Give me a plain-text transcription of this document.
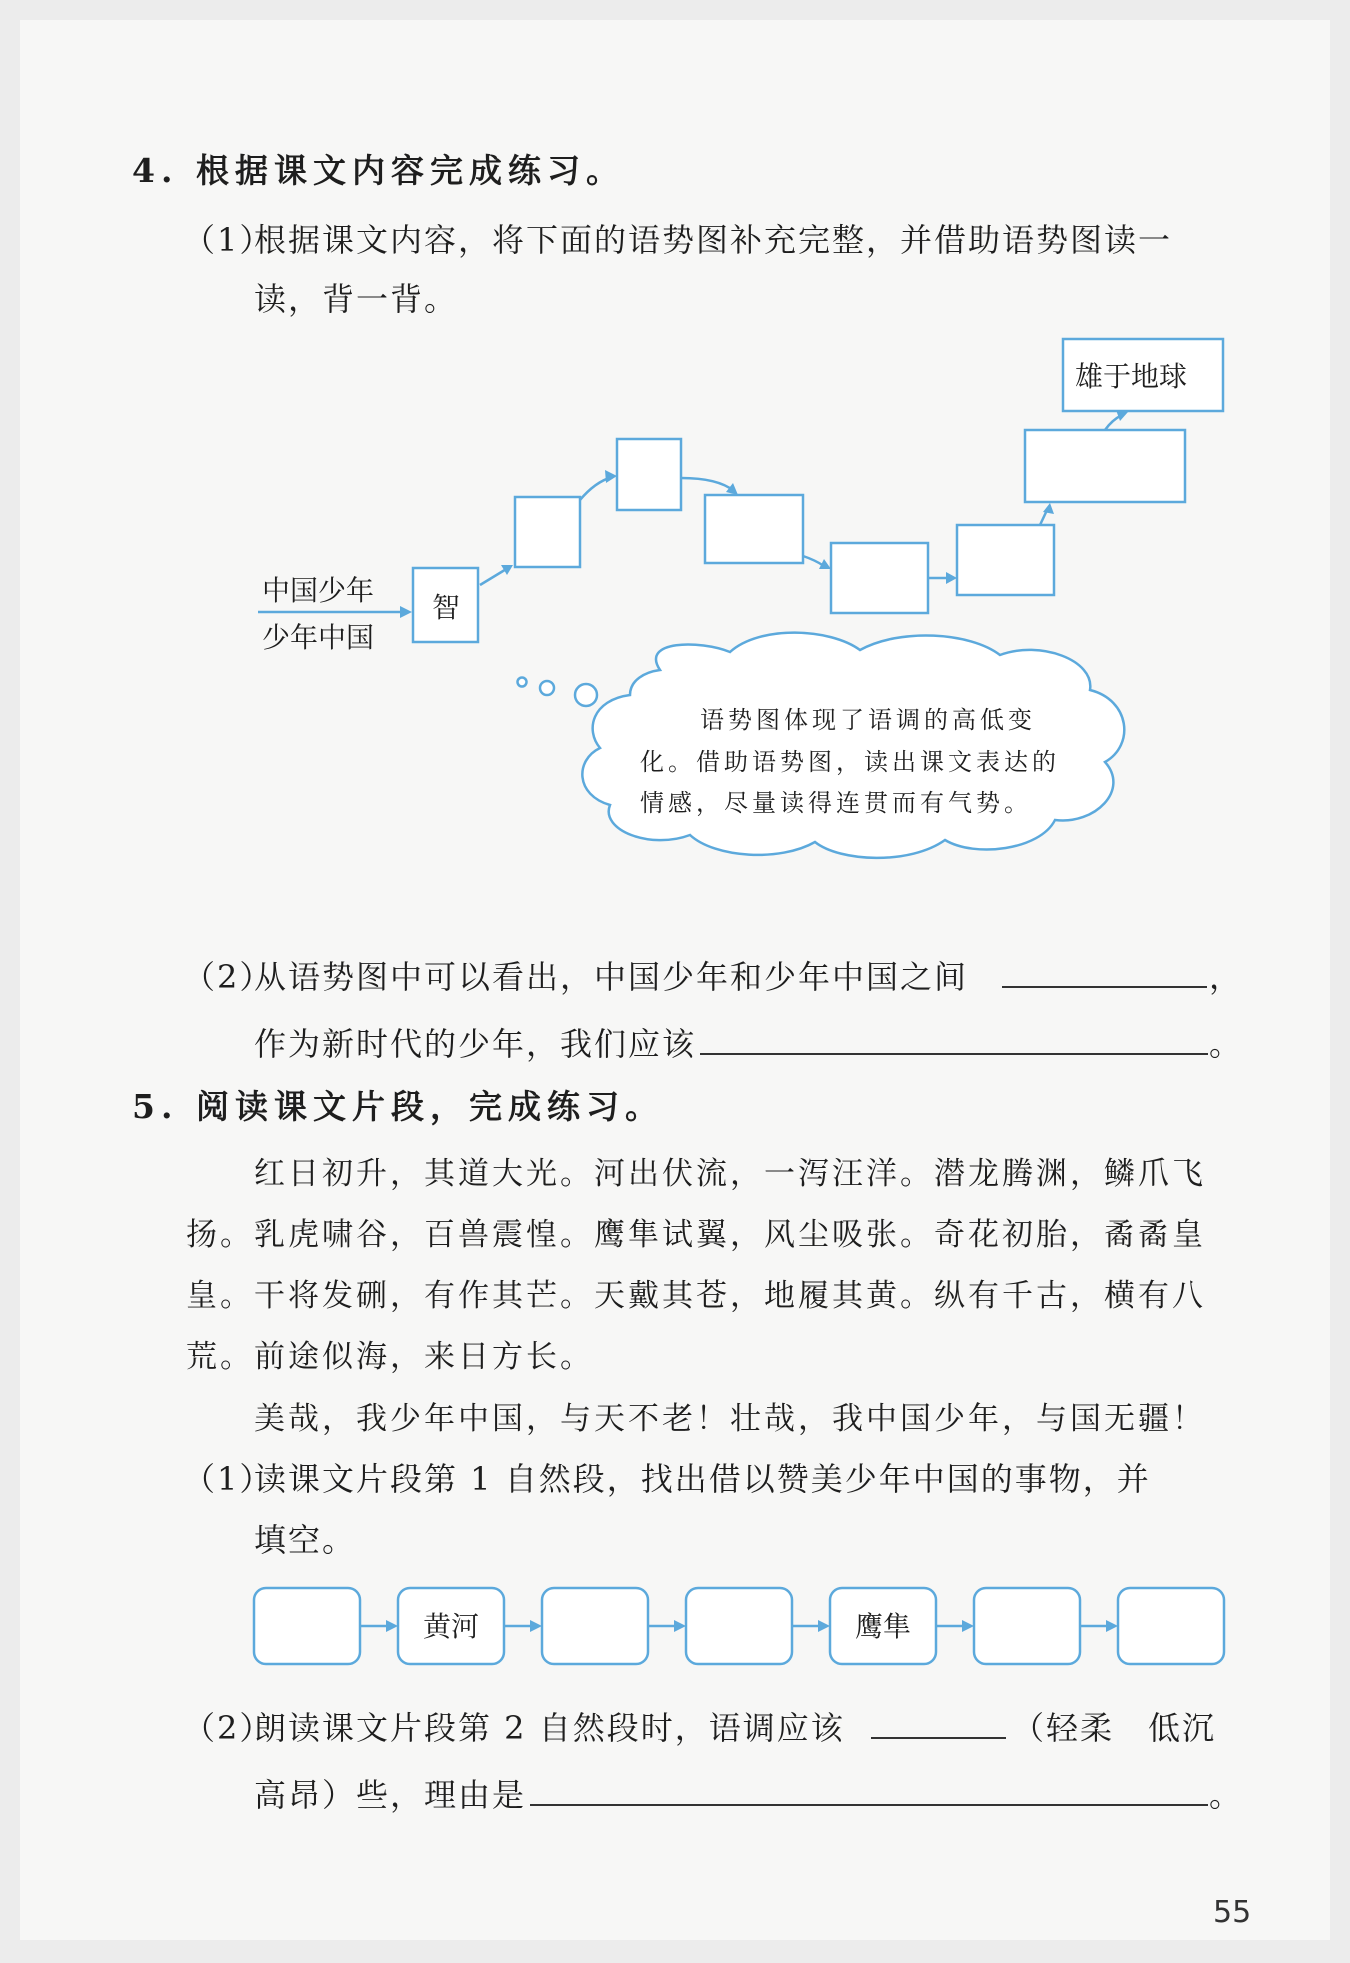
4. 根据课文内容完成练习。
（1）
根据课文内容，将下面的语势图补充完整，并借助语势图读一
读，背一背。
中国少年
少年中国
智
雄于地球
语势图体现了语调的高低变
化。借助语势图，读出课文表达的
情感，尽量读得连贯而有气势。
黄河	鹰隼
（2）
从语势图中可以看出，中国少年和少年中国之间	，
作为新时代的少年，我们应该	。
5. 阅读课文片段，完成练习。
红日初升，其道大光。河出伏流，一泻汪洋。潜龙腾渊，鳞爪飞
扬。乳虎啸谷，百兽震惶。鹰隼试翼，风尘吸张。奇花初胎，矞矞皇
皇。干将发硎，有作其芒。天戴其苍，地履其黄。纵有千古，横有八
荒。前途似海，来日方长。
美哉，我少年中国，与天不老！壮哉，我中国少年，与国无疆！
（1）
读课文片段第 1 自然段，找出借以赞美少年中国的事物，并
填空。
（2）
朗读课文片段第 2 自然段时，语调应该	（轻柔　低沉
高昂）些，理由是	。
55
